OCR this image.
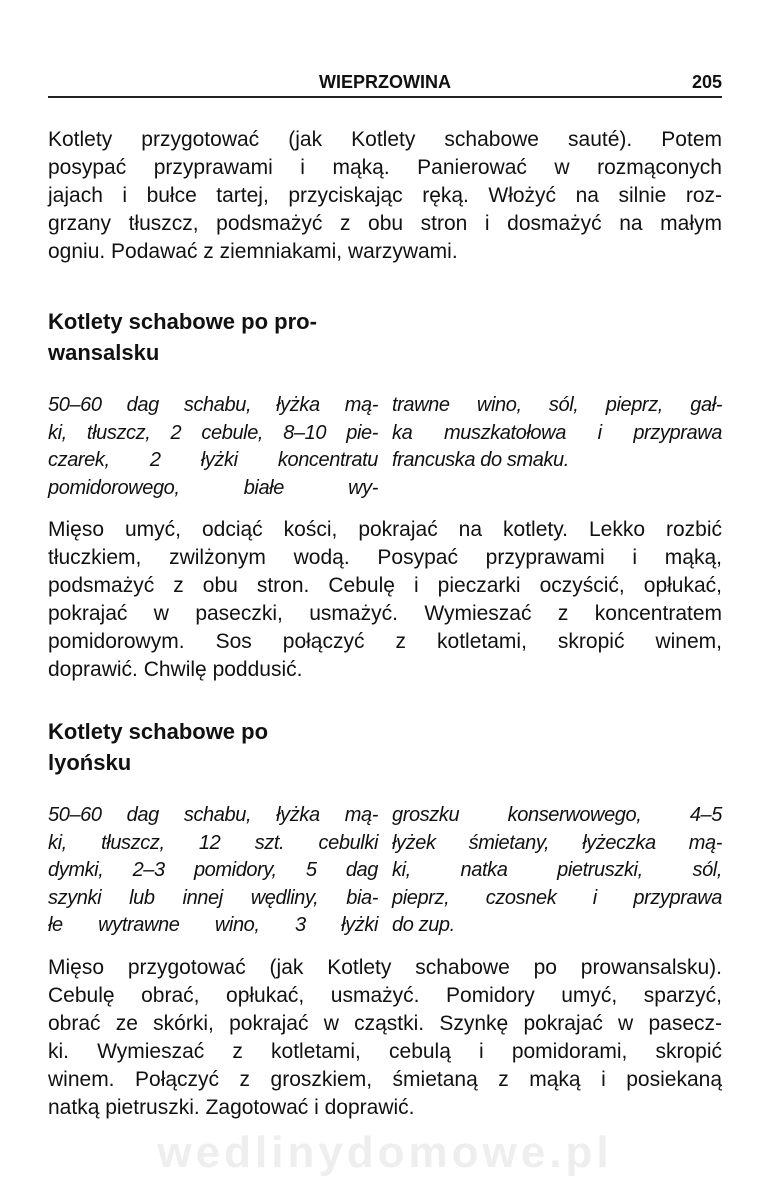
WIEPRZOWINA	205
Kotlety przygotować (jak Kotlety schabowe sauté). Potem
posypać przyprawami i mąką. Panierować w rozmąconych
jajach i bułce tartej, przyciskając ręką. Włożyć na silnie roz-
grzany tłuszcz, podsmażyć z obu stron i dosmażyć na małym
ogniu. Podawać z ziemniakami, warzywami.
Kotlety schabowe po pro-
wansalsku
50–60 dag schabu, łyżka mą-
ki, tłuszcz, 2 cebule, 8–10 pie-
czarek, 2 łyżki koncentratu
pomidorowego, białe wy-
trawne wino, sól, pieprz, gał-
ka muszkatołowa i przyprawa
francuska do smaku.
Mięso umyć, odciąć kości, pokrajać na kotlety. Lekko rozbić
tłuczkiem, zwilżonym wodą. Posypać przyprawami i mąką,
podsmażyć z obu stron. Cebulę i pieczarki oczyścić, opłukać,
pokrajać w paseczki, usmażyć. Wymieszać z koncentratem
pomidorowym. Sos połączyć z kotletami, skropić winem,
doprawić. Chwilę poddusić.
Kotlety schabowe po
lyońsku
50–60 dag schabu, łyżka mą-
ki, tłuszcz, 12 szt. cebulki
dymki, 2–3 pomidory, 5 dag
szynki lub innej wędliny, bia-
łe wytrawne wino, 3 łyżki
groszku konserwowego, 4–5
łyżek śmietany, łyżeczka mą-
ki, natka pietruszki, sól,
pieprz, czosnek i przyprawa
do zup.
Mięso przygotować (jak Kotlety schabowe po prowansalsku).
Cebulę obrać, opłukać, usmażyć. Pomidory umyć, sparzyć,
obrać ze skórki, pokrajać w cząstki. Szynkę pokrajać w pasecz-
ki. Wymieszać z kotletami, cebulą i pomidorami, skropić
winem. Połączyć z groszkiem, śmietaną z mąką i posiekaną
natką pietruszki. Zagotować i doprawić.
wedlinydomowe.pl
